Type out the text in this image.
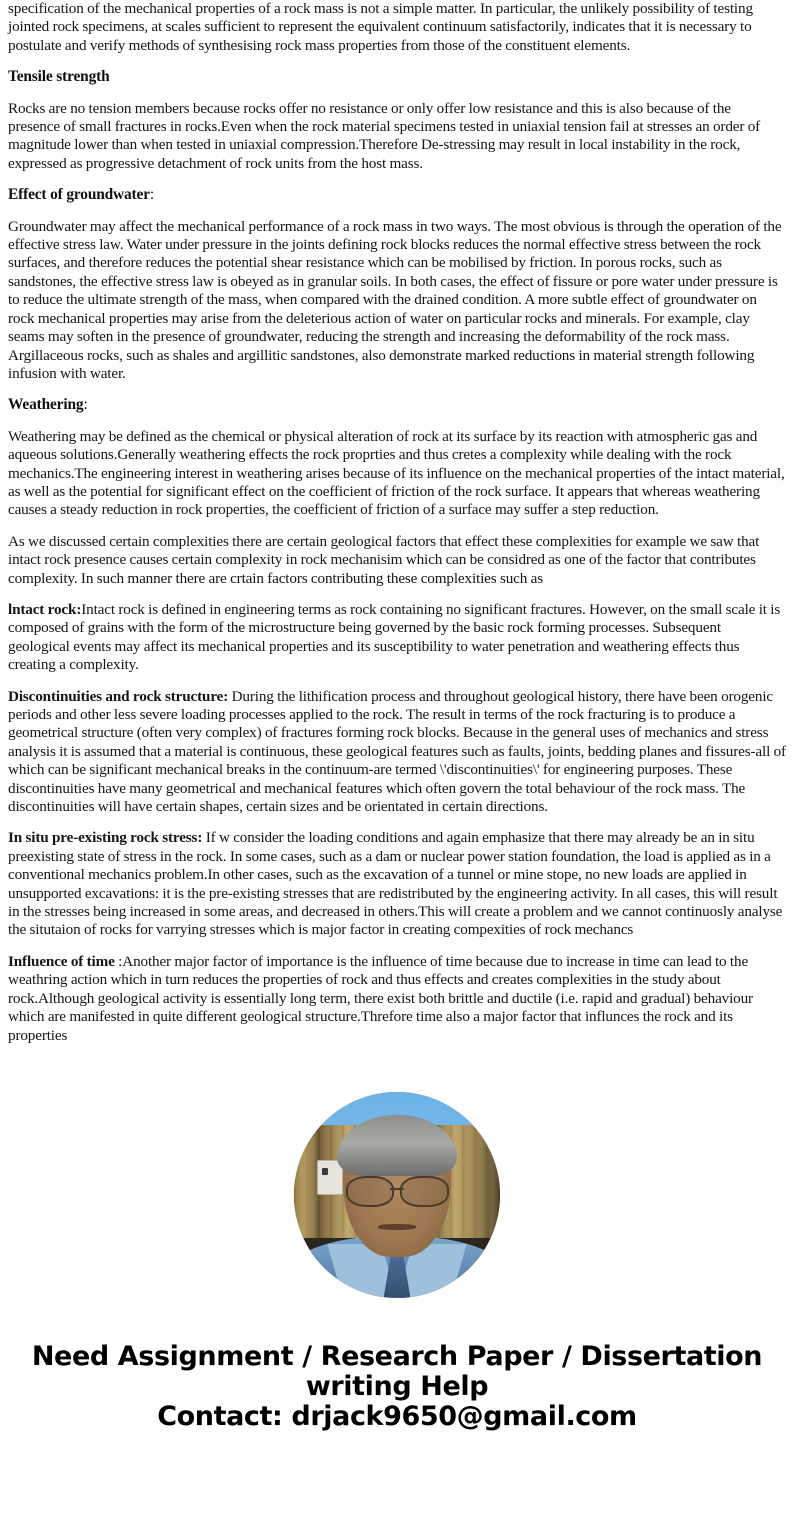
specification of the mechanical properties of a rock mass is not a simple matter. In particular, the unlikely possibility of testing jointed rock specimens, at scales sufficient to represent the equivalent continuum satisfactorily, indicates that it is necessary to postulate and verify methods of synthesising rock mass properties from those of the constituent elements.

Tensile strength

Rocks are no tension members because rocks offer no resistance or only offer low resistance and this is also because of the presence of small fractures in rocks.Even when the rock material specimens tested in uniaxial tension fail at stresses an order of magnitude lower than when tested in uniaxial compression.Therefore De-stressing may result in local instability in the rock, expressed as progressive detachment of rock units from the host mass.

Effect of groundwater:

Groundwater may affect the mechanical performance of a rock mass in two ways. The most obvious is through the operation of the effective stress law. Water under pressure in the joints defining rock blocks reduces the normal effective stress between the rock surfaces, and therefore reduces the potential shear resistance which can be mobilised by friction. In porous rocks, such as sandstones, the effective stress law is obeyed as in granular soils. In both cases, the effect of fissure or pore water under pressure is to reduce the ultimate strength of the mass, when compared with the drained condition. A more subtle effect of groundwater on rock mechanical properties may arise from the deleterious action of water on particular rocks and minerals. For example, clay seams may soften in the presence of groundwater, reducing the strength and increasing the deformability of the rock mass. Argillaceous rocks, such as shales and argillitic sandstones, also demonstrate marked reductions in material strength following infusion with water.

Weathering:

Weathering may be defined as the chemical or physical alteration of rock at its surface by its reaction with atmospheric gas and aqueous solutions.Generally weathering effects the rock proprties and thus cretes a complexity while dealing with the rock mechanics.The engineering interest in weathering arises because of its influence on the mechanical properties of the intact material, as well as the potential for significant effect on the coefficient of friction of the rock surface. It appears that whereas weathering causes a steady reduction in rock properties, the coefficient of friction of a surface may suffer a step reduction.

As we discussed certain complexities there are certain geological factors that effect these complexities for example we saw that intact rock presence causes certain complexity in rock mechanisim which can be considred as one of the factor that contributes complexity. In such manner there are crtain factors contributing these complexities such as

lntact rock:Intact rock is defined in engineering terms as rock containing no significant fractures. However, on the small scale it is composed of grains with the form of the microstructure being governed by the basic rock forming processes. Subsequent geological events may affect its mechanical properties and its susceptibility to water penetration and weathering effects thus creating a complexity.

Discontinuities and rock structure: During the lithification process and throughout geological history, there have been orogenic periods and other less severe loading processes applied to the rock. The result in terms of the rock fracturing is to produce a geometrical structure (often very complex) of fractures forming rock blocks. Because in the general uses of mechanics and stress analysis it is assumed that a material is continuous, these geological features such as faults, joints, bedding planes and fissures-all of which can be significant mechanical breaks in the continuum-are termed \'discontinuities\' for engineering purposes. These discontinuities have many geometrical and mechanical features which often govern the total behaviour of the rock mass. The discontinuities will have certain shapes, certain sizes and be orientated in certain directions.

In situ pre-existing rock stress: If w consider the loading conditions and again emphasize that there may already be an in situ preexisting state of stress in the rock. In some cases, such as a dam or nuclear power station foundation, the load is applied as in a conventional mechanics problem.In other cases, such as the excavation of a tunnel or mine stope, no new loads are applied in unsupported excavations: it is the pre-existing stresses that are redistributed by the engineering activity. In all cases, this will result in the stresses being increased in some areas, and decreased in others.This will create a problem and we cannot continuosly analyse the situtaion of rocks for varrying stresses which is major factor in creating compexities of rock mechancs

Influence of time :Another major factor of importance is the influence of time because due to increase in time can lead to the weathring action which in turn reduces the properties of rock and thus effects and creates complexities in the study about rock.Although geological activity is essentially long term, there exist both brittle and ductile (i.e. rapid and gradual) behaviour which are manifested in quite different geological structure.Threfore time also a major factor that influnces the rock and its properties

Need Assignment / Research Paper / Dissertation
writing Help
Contact: drjack9650@gmail.com
